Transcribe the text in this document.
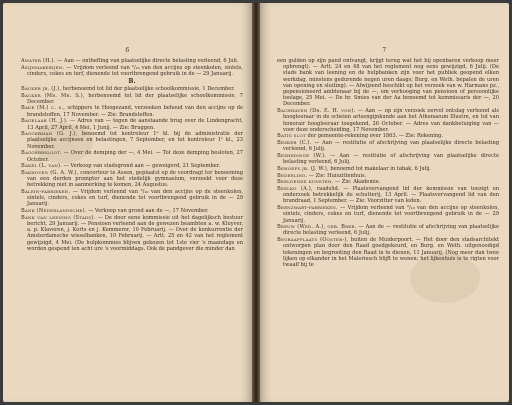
6
Awater (H.). — Aan — ontheffing van plaatselijke directe belasting verleend, 6 Juli.
Asijnmakerijen. — Vrijdom verleend van ²/₁₀ van den accijns op steenkolen, sintels, cinders, cokes en turf, dienende tot voortbrengend gebruik in de — 29 Januarij.
B.
Backer jr. (J.), herbenoemd tot lid der plaatselijke schoolkommissie, 1 December.
Backer (Mr. Mr. S.), herbenoemd tot lid der plaatselijke schoolkommissie, 7 December.
Bade (M.) c. s., schippers te Hoogezand, verzoeken behoud van den accijns op de brandstoffen, 17 November. — Zie: Brandstoffen.
Bagelaar (H. J.). — Adres van — tegen de aanstaande brug over de Lindengracht, 13 April, 27 April, 4 Mei, 1 Junij. — Zie: Bruggen.
Baggerman (G. J.), benoemd tot kontroleur 1ᵉ kl. bij de administratie der plaatselijke accijnsen en belastingen, 7 September, en tot kontroleur 1ᵉ kl., 23 November.
Baggerrsloot. — Over de demping der —, 4 Mei. — Tot deze demping besloten, 27 October.
Bakel (L. van). — Verkoop van stadsgrond aan — geweigerd, 21 September.
Bakhoven (G. A. W.), concerteur te Assen, geplaatst op de voordragt ter benoeming van een derden prompter aan het stedelijk gymnasium, verzoekt voor deze betrekking niet in aanmerking te komen, 24 Augustus.
Balein-fabrieken. — Vrijdom verleend van ²/₁₀ van den accijns op de steenkolen, sintels, cinders, cokes en turf, dienende tot voortbrengend gebruik in de — 29 Januarij.
Bank (Nederlandsche). — Verkoop van grond aan de —, 17 November.
Bank van leening (Stads). — De door eene kommissie uit het dagelijksch bestuur bericht, 29 Januarij. — Pensioen verleend aan de gewezen beambten a. w. Kluyver, a. p. Klaveren, j. Korts en j. Kemmerer, 10 Februarij. — Over de konkurrentie der Amsterdamsche wisselbanken, 10 Februarij. — Artt. 25 en 42 van het reglement gewijzigd, 4 Mei. (De hulpkommies blijven gekozen tot 1ste vier 's maandags en worden gespend ten acht ure 's voormiddags. Ook de pandgever die minder dan
7
een gulden op zijn pand ontvangt, krijgt terug wat het bij openbaren verkoop meer opbrengt). — Artt. 24 en 48 van het reglement nog eens gewijzigd, 6 Julij. (De stads bank van leening en de hulpbanken zijn voor het publiek geopend elken werkdag, minstens gedurende negen uren daags; Burg. en Weth. bepalen de uren van opening en sluiting). — Afwijzend beschikt op het verzoek van w. Harmans pz., gepensioneerd ambtenaar bij de —, om verhooging van pensioen of persoonlijke toelage, 25 Mei. — De hr. Smies van der Aa benoemd tot kommissaris der —, 20 December.
Bachhaven (Dr. E. H. von). — Aan — op zijn verzoek eervol ontslag verleend als hoogleeraar in de scheien artsengijnkunde aan het Athenaeum Illustre, en tot van honorair hoogleeraar toegekend, 26 October. — Adres van dankbetuiging van — voor deze onderscheiding, 17 November.
Batig slot der gemeente-rekening over 1863. — Zie: Rekening.
Bezker (C.). — Aan — restitutie of afschrijving van plaatselijke directe belasting verleend, 6 Julij.
Bezhedinge (W.). — Aan — restitutie of afschrijving van plaatselijke directe belasting verleend, 6 Julij.
Behoefs jr. (J. W.), benoemd tot makelaar in tabak, 6 Julij.
Bedeeling. — Zie: Huiszittenhuis.
Beeldende kunsten. — Zie: Akademie.
Beelko (A.), raadslid. — Plaatsvervangend lid der kommissie van toezigt en onderzoek betrekkelijk de schutterij, 13 April. — Plaatsvervangend lid van den brandraad, 1 September. — Zie: Voorzitter van leden.
Beenzwart-fabrieken. — Vrijdom verleend van ²/₁₀ van den accijns op steenkolen, sintels, cinders, cokes en turf, dienende tot voortbrengend gebruik in de — 29 Januarij.
Beeuw (Wed. A.), geb. Brer. — Aan de — restitutie of afschrijving van plaatselijke directe belasting verleend, 6 Julij.
Begraafplaats (Ooster-), buiten de Muiderpoort. — Het door den stadsarchitekt ontworpen plan door den Raad goedgekeurd, en Burg. en Weth. uitgenoodigd tekeningen en begrooting den Raad in te dienen, 11 Januarij. (Nog meer dan twee lijken op elkander in het Maleriesch blijft te wenen; het lijkenhuis is te rigten voor twaalf bij te
